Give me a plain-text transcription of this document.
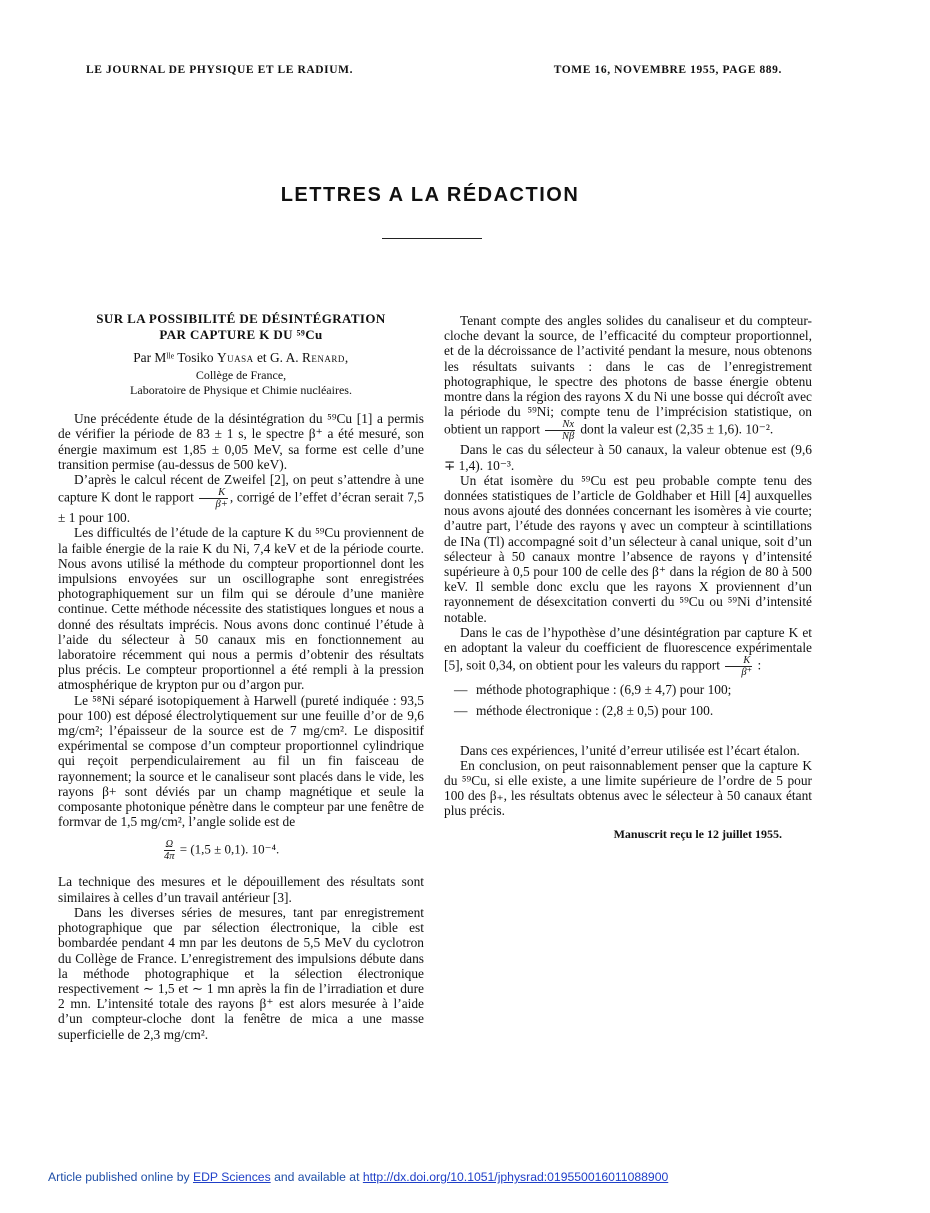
LE JOURNAL DE PHYSIQUE ET LE RADIUM.	TOME 16, NOVEMBRE 1955, PAGE 889.
LETTRES A LA RÉDACTION
SUR LA POSSIBILITÉ DE DÉSINTÉGRATION
PAR CAPTURE K DU ⁵⁹Cu
Par Mˡˡᵉ Tosiko Yuasa et G. A. Renard,
Collège de France,
Laboratoire de Physique et Chimie nucléaires.

Une précédente étude de la désintégration du ⁵⁹Cu [1] a permis de vérifier la période de 83 ± 1 s, le spectre β⁺ a été mesuré, son énergie maximum est 1,85 ± 0,05 MeV, sa forme est celle d’une transition permise (au-dessus de 500 keV).

D’après le calcul récent de Zweifel [2], on peut s’attendre à une capture K dont le rapport $\frac{K}{\beta+}$ , corrigé de l’effet d’écran serait 7,5 ± 1 pour 100.

Les difficultés de l’étude de la capture K du ⁵⁹Cu proviennent de la faible énergie de la raie K du Ni, 7,4 keV et de la période courte. Nous avons utilisé la méthode du compteur proportionnel dont les impulsions envoyées sur un oscillographe sont enregistrées photographiquement sur un film qui se déroule d’une manière continue. Cette méthode nécessite des statistiques longues et nous a donné des résultats imprécis. Nous avons donc continué l’étude à l’aide du sélecteur à 50 canaux mis en fonctionnement au laboratoire récemment qui nous a permis d’obtenir des résultats plus précis. Le compteur proportionnel a été rempli à la pression atmosphérique de krypton pur ou d’argon pur.

Le ⁵⁸Ni séparé isotopiquement à Harwell (pureté indiquée : 93,5 pour 100) est déposé électrolytiquement sur une feuille d’or de 9,6 mg/cm²; l’épaisseur de la source est de 7 mg/cm². Le dispositif expérimental se compose d’un compteur proportionnel cylindrique qui reçoit perpendiculairement au fil un fin faisceau de rayonnement; la source et le canaliseur sont placés dans le vide, les rayons β+ sont déviés par un champ magnétique et seule la composante photonique pénètre dans le compteur par une fenêtre de formvar de 1,5 mg/cm², l’angle solide est de

$\frac{\Omega}{4\pi} = (1,5 \pm 0,1)$. 10⁻⁴.

La technique des mesures et le dépouillement des résultats sont similaires à celles d’un travail antérieur [3].

Dans les diverses séries de mesures, tant par enregistrement photographique que par sélection électronique, la cible est bombardée pendant 4 mn par les deutons de 5,5 MeV du cyclotron du Collège de France. L’enregistrement des impulsions débute dans la méthode photographique et la sélection électronique respectivement ∼ 1,5 et ∼ 1 mn après la fin de l’irradiation et dure 2 mn. L’intensité totale des rayons β⁺ est alors mesurée à l’aide d’un compteur-cloche dont la fenêtre de mica a une masse superficielle de 2,3 mg/cm².

Tenant compte des angles solides du canaliseur et du compteur-cloche devant la source, de l’efficacité du compteur proportionnel, et de la décroissance de l’activité pendant la mesure, nous obtenons les résultats suivants : dans le cas de l’enregistrement photographique, le spectre des photons de basse énergie obtenu montre dans la région des rayons X du Ni une bosse qui décroît avec la période du ⁵⁹Ni; compte tenu de l’imprécision statistique, on obtient un rapport $\frac{Nx}{N\beta}$ dont la valeur est (2,35 ± 1,6). 10⁻².

Dans le cas du sélecteur à 50 canaux, la valeur obtenue est (9,6 ∓ 1,4). 10⁻³.

Un état isomère du ⁵⁹Cu est peu probable compte tenu des données statistiques de l’article de Goldhaber et Hill [4] auxquelles nous avons ajouté des données concernant les isomères à vie courte; d’autre part, l’étude des rayons γ avec un compteur à scintillations de INa (Tl) accompagné soit d’un sélecteur à canal unique, soit d’un sélecteur à 50 canaux montre l’absence de rayons γ d’intensité supérieure à 0,5 pour 100 de celle des β⁺ dans la région de 80 à 500 keV. Il semble donc exclu que les rayons X proviennent d’un rayonnement de désexcitation converti du ⁵⁹Cu ou ⁵⁹Ni d’intensité notable.

Dans le cas de l’hypothèse d’une désintégration par capture K et en adoptant la valeur du coefficient de fluorescence expérimentale [5], soit 0,34, on obtient pour les valeurs du rapport $\frac{K}{\beta^+}$ :

— méthode photographique : (6,9 ± 4,7) pour 100;
— méthode électronique : (2,8 ± 0,5) pour 100.

Dans ces expériences, l’unité d’erreur utilisée est l’écart étalon.

En conclusion, on peut raisonnablement penser que la capture K du ⁵⁹Cu, si elle existe, a une limite supérieure de l’ordre de 5 pour 100 des β₊, les résultats obtenus avec le sélecteur à 50 canaux étant plus précis.

Manuscrit reçu le 12 juillet 1955.
Article published online by EDP Sciences and available at http://dx.doi.org/10.1051/jphysrad:019550016011088900
